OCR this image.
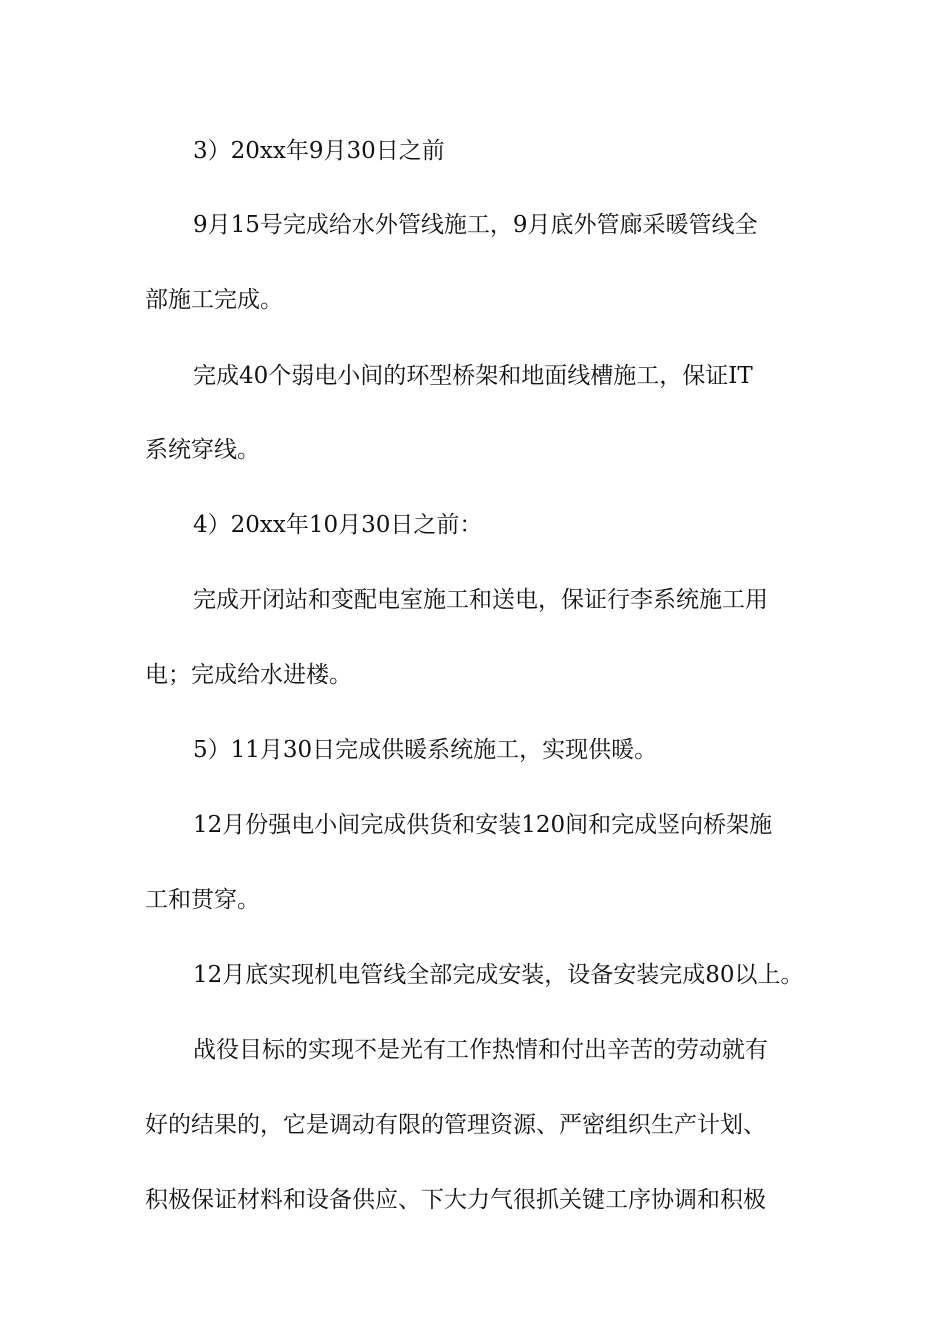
3）20xx年9月30日之前
9月15号完成给水外管线施工，9月底外管廊采暖管线全
部施工完成。
完成40个弱电小间的环型桥架和地面线槽施工，保证IT
系统穿线。
4）20xx年10月30日之前：
完成开闭站和变配电室施工和送电，保证行李系统施工用
电；完成给水进楼。
5）11月30日完成供暖系统施工，实现供暖。
12月份强电小间完成供货和安装120间和完成竖向桥架施
工和贯穿。
12月底实现机电管线全部完成安装，设备安装完成80以上。
战役目标的实现不是光有工作热情和付出辛苦的劳动就有
好的结果的，它是调动有限的管理资源、严密组织生产计划、
积极保证材料和设备供应、下大力气很抓关键工序协调和积极
